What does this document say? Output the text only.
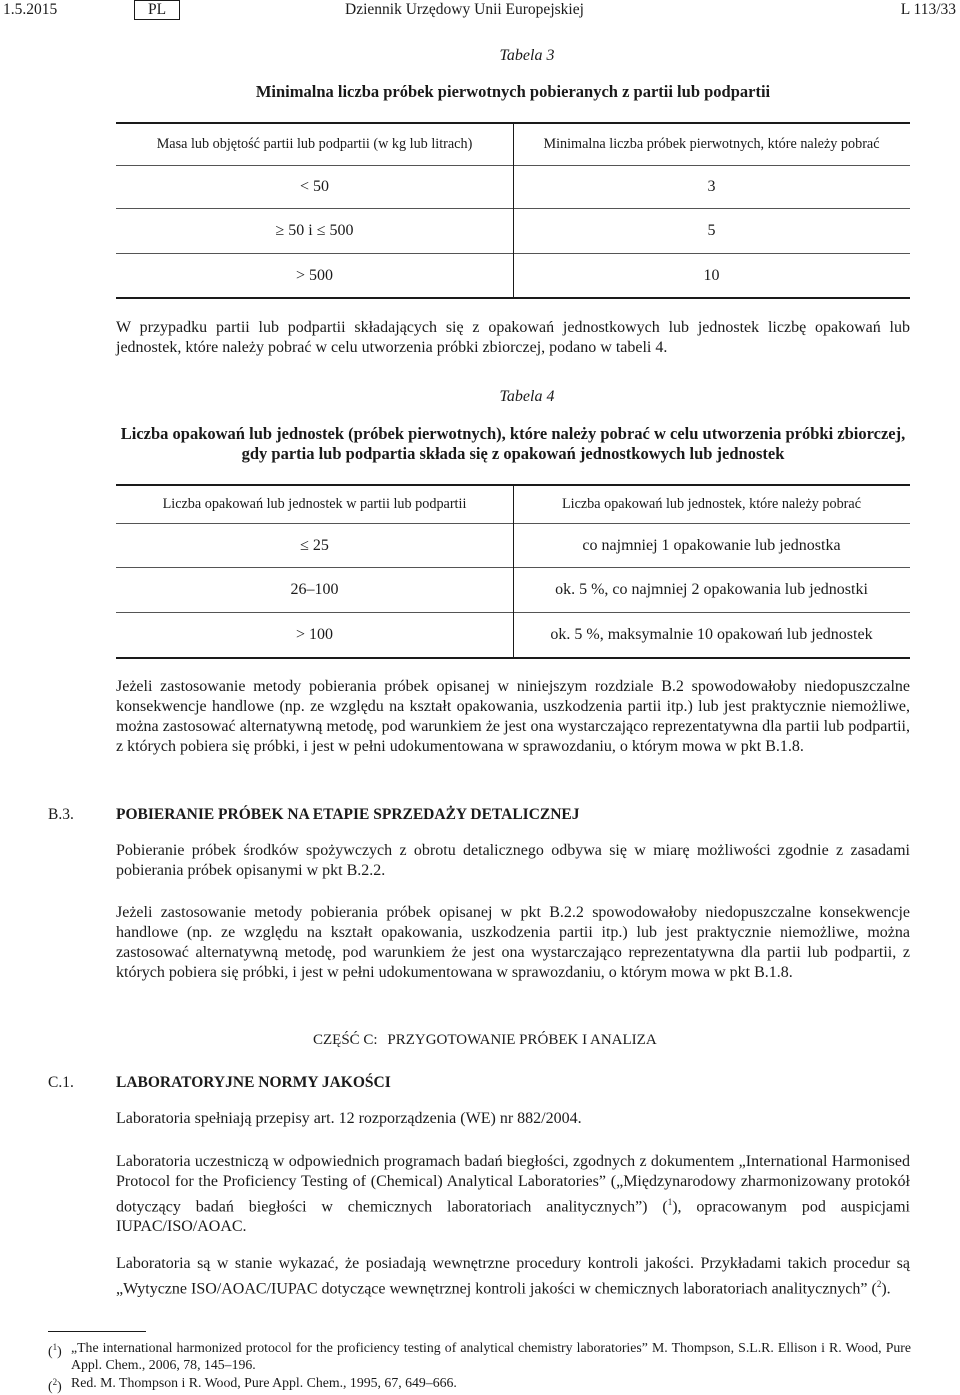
1.5.2015	PL	Dziennik Urzędowy Unii Europejskiej	L 113/33
Tabela 3
Minimalna liczba próbek pierwotnych pobieranych z partii lub podpartii
Masa lub objętość partii lub podpartii (w kg lub litrach)	Minimalna liczba próbek pierwotnych, które należy pobrać
< 50	3
≥ 50 i ≤ 500	5
> 500	10
W przypadku partii lub podpartii składających się z opakowań jednostkowych lub jednostek liczbę opakowań lub jednostek, które należy pobrać w celu utworzenia próbki zbiorczej, podano w tabeli 4.
Tabela 4
Liczba opakowań lub jednostek (próbek pierwotnych), które należy pobrać w celu utworzenia próbki zbiorczej, gdy partia lub podpartia składa się z opakowań jednostkowych lub jednostek
Liczba opakowań lub jednostek w partii lub podpartii	Liczba opakowań lub jednostek, które należy pobrać
≤ 25	co najmniej 1 opakowanie lub jednostka
26–100	ok. 5 %, co najmniej 2 opakowania lub jednostki
> 100	ok. 5 %, maksymalnie 10 opakowań lub jednostek
Jeżeli zastosowanie metody pobierania próbek opisanej w niniejszym rozdziale B.2 spowodowałoby niedopuszczalne konsekwencje handlowe (np. ze względu na kształt opakowania, uszkodzenia partii itp.) lub jest praktycznie niemożliwe, można zastosować alternatywną metodę, pod warunkiem że jest ona wystarczająco reprezentatywna dla partii lub podpartii, z których pobiera się próbki, i jest w pełni udokumentowana w sprawozdaniu, o którym mowa w pkt B.1.8.
B.3.	POBIERANIE PRÓBEK NA ETAPIE SPRZEDAŻY DETALICZNEJ
Pobieranie próbek środków spożywczych z obrotu detalicznego odbywa się w miarę możliwości zgodnie z zasadami pobierania próbek opisanymi w pkt B.2.2.
Jeżeli zastosowanie metody pobierania próbek opisanej w pkt B.2.2 spowodowałoby niedopuszczalne konsekwencje handlowe (np. ze względu na kształt opakowania, uszkodzenia partii itp.) lub jest praktycznie niemożliwe, można zastosować alternatywną metodę, pod warunkiem że jest ona wystarczająco reprezentatywna dla partii lub podpartii, z których pobiera się próbki, i jest w pełni udokumentowana w sprawozdaniu, o którym mowa w pkt B.1.8.
CZĘŚĆ C: PRZYGOTOWANIE PRÓBEK I ANALIZA
C.1.	LABORATORYJNE NORMY JAKOŚCI
Laboratoria spełniają przepisy art. 12 rozporządzenia (WE) nr 882/2004.
Laboratoria uczestniczą w odpowiednich programach badań biegłości, zgodnych z dokumentem „International Harmonised Protocol for the Proficiency Testing of (Chemical) Analytical Laboratories” („Międzynarodowy zharmonizowany protokół dotyczący badań biegłości w chemicznych laboratoriach analitycznych”) ($^1$), opracowanym pod auspicjami IUPAC/ISO/AOAC.
Laboratoria są w stanie wykazać, że posiadają wewnętrzne procedury kontroli jakości. Przykładami takich procedur są „Wytyczne ISO/AOAC/IUPAC dotyczące wewnętrznej kontroli jakości w chemicznych laboratoriach analitycznych” ($^2$).
($^1$) „The international harmonized protocol for the proficiency testing of analytical chemistry laboratories” M. Thompson, S.L.R. Ellison i R. Wood, Pure Appl. Chem., 2006, 78, 145–196.
($^2$) Red. M. Thompson i R. Wood, Pure Appl. Chem., 1995, 67, 649–666.
